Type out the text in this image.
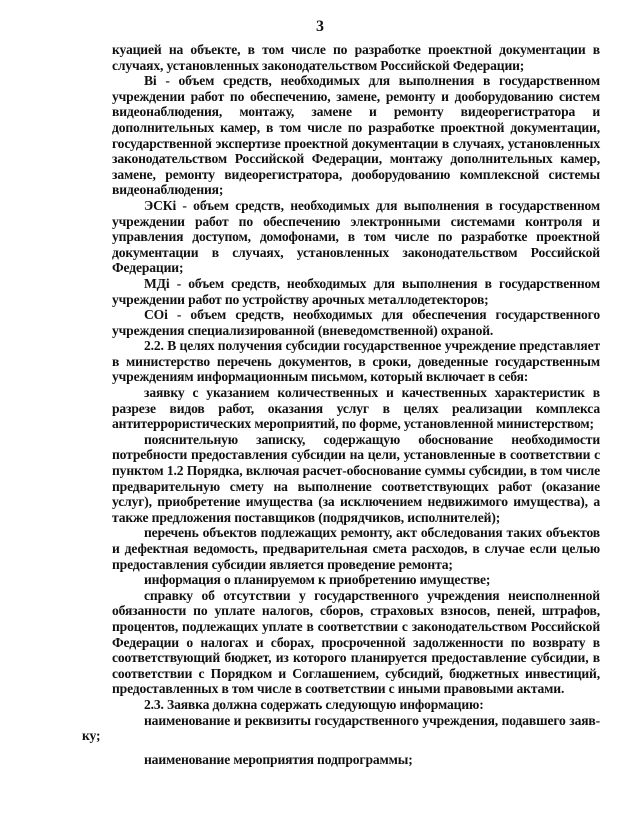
3

куацией на объекте, в том числе по разработке проектной документации в случаях, установленных законодательством Российской Федерации;

Bi - объем средств, необходимых для выполнения в государственном учреждении работ по обеспечению, замене, ремонту и дооборудованию систем видеонаблюдения, монтажу, замене и ремонту видеорегистратора и дополнительных камер, в том числе по разработке проектной документации, государственной экспертизе проектной документации в случаях, установленных законодательством Российской Федерации, монтажу дополнительных камер, замене, ремонту видеорегистратора, дооборудованию комплексной системы видеонаблюдения;

ЭСКi - объем средств, необходимых для выполнения в государственном учреждении работ по обеспечению электронными системами контроля и управления доступом, домофонами, в том числе по разработке проектной документации в случаях, установленных законодательством Российской Федерации;

МДi - объем средств, необходимых для выполнения в государственном учреждении работ по устройству арочных металлодетекторов;

СОi - объем средств, необходимых для обеспечения государственного учреждения специализированной (вневедомственной) охраной.

2.2. В целях получения субсидии государственное учреждение представляет в министерство перечень документов, в сроки, доведенные государственным учреждениям информационным письмом, который включает в себя:

заявку с указанием количественных и качественных характеристик в разрезе видов работ, оказания услуг в целях реализации комплекса антитеррористических мероприятий, по форме, установленной министерством;

пояснительную записку, содержащую обоснование необходимости потребности предоставления субсидии на цели, установленные в соответствии с пунктом 1.2 Порядка, включая расчет-обоснование суммы субсидии, в том числе предварительную смету на выполнение соответствующих работ (оказание услуг), приобретение имущества (за исключением недвижимого имущества), а также предложения поставщиков (подрядчиков, исполнителей);

перечень объектов подлежащих ремонту, акт обследования таких объектов и дефектная ведомость, предварительная смета расходов, в случае если целью предоставления субсидии является проведение ремонта;

информация о планируемом к приобретению имуществе;

справку об отсутствии у государственного учреждения неисполненной обязанности по уплате налогов, сборов, страховых взносов, пеней, штрафов, процентов, подлежащих уплате в соответствии с законодательством Российской Федерации о налогах и сборах, просроченной задолженности по возврату в соответствующий бюджет, из которого планируется предоставление субсидии, в соответствии с Порядком и Соглашением, субсидий, бюджетных инвестиций, предоставленных в том числе в соответствии с иными правовыми актами.

2.3. Заявка должна содержать следующую информацию:

наименование и реквизиты государственного учреждения, подавшего заяв-
ку;

наименование мероприятия подпрограммы;
